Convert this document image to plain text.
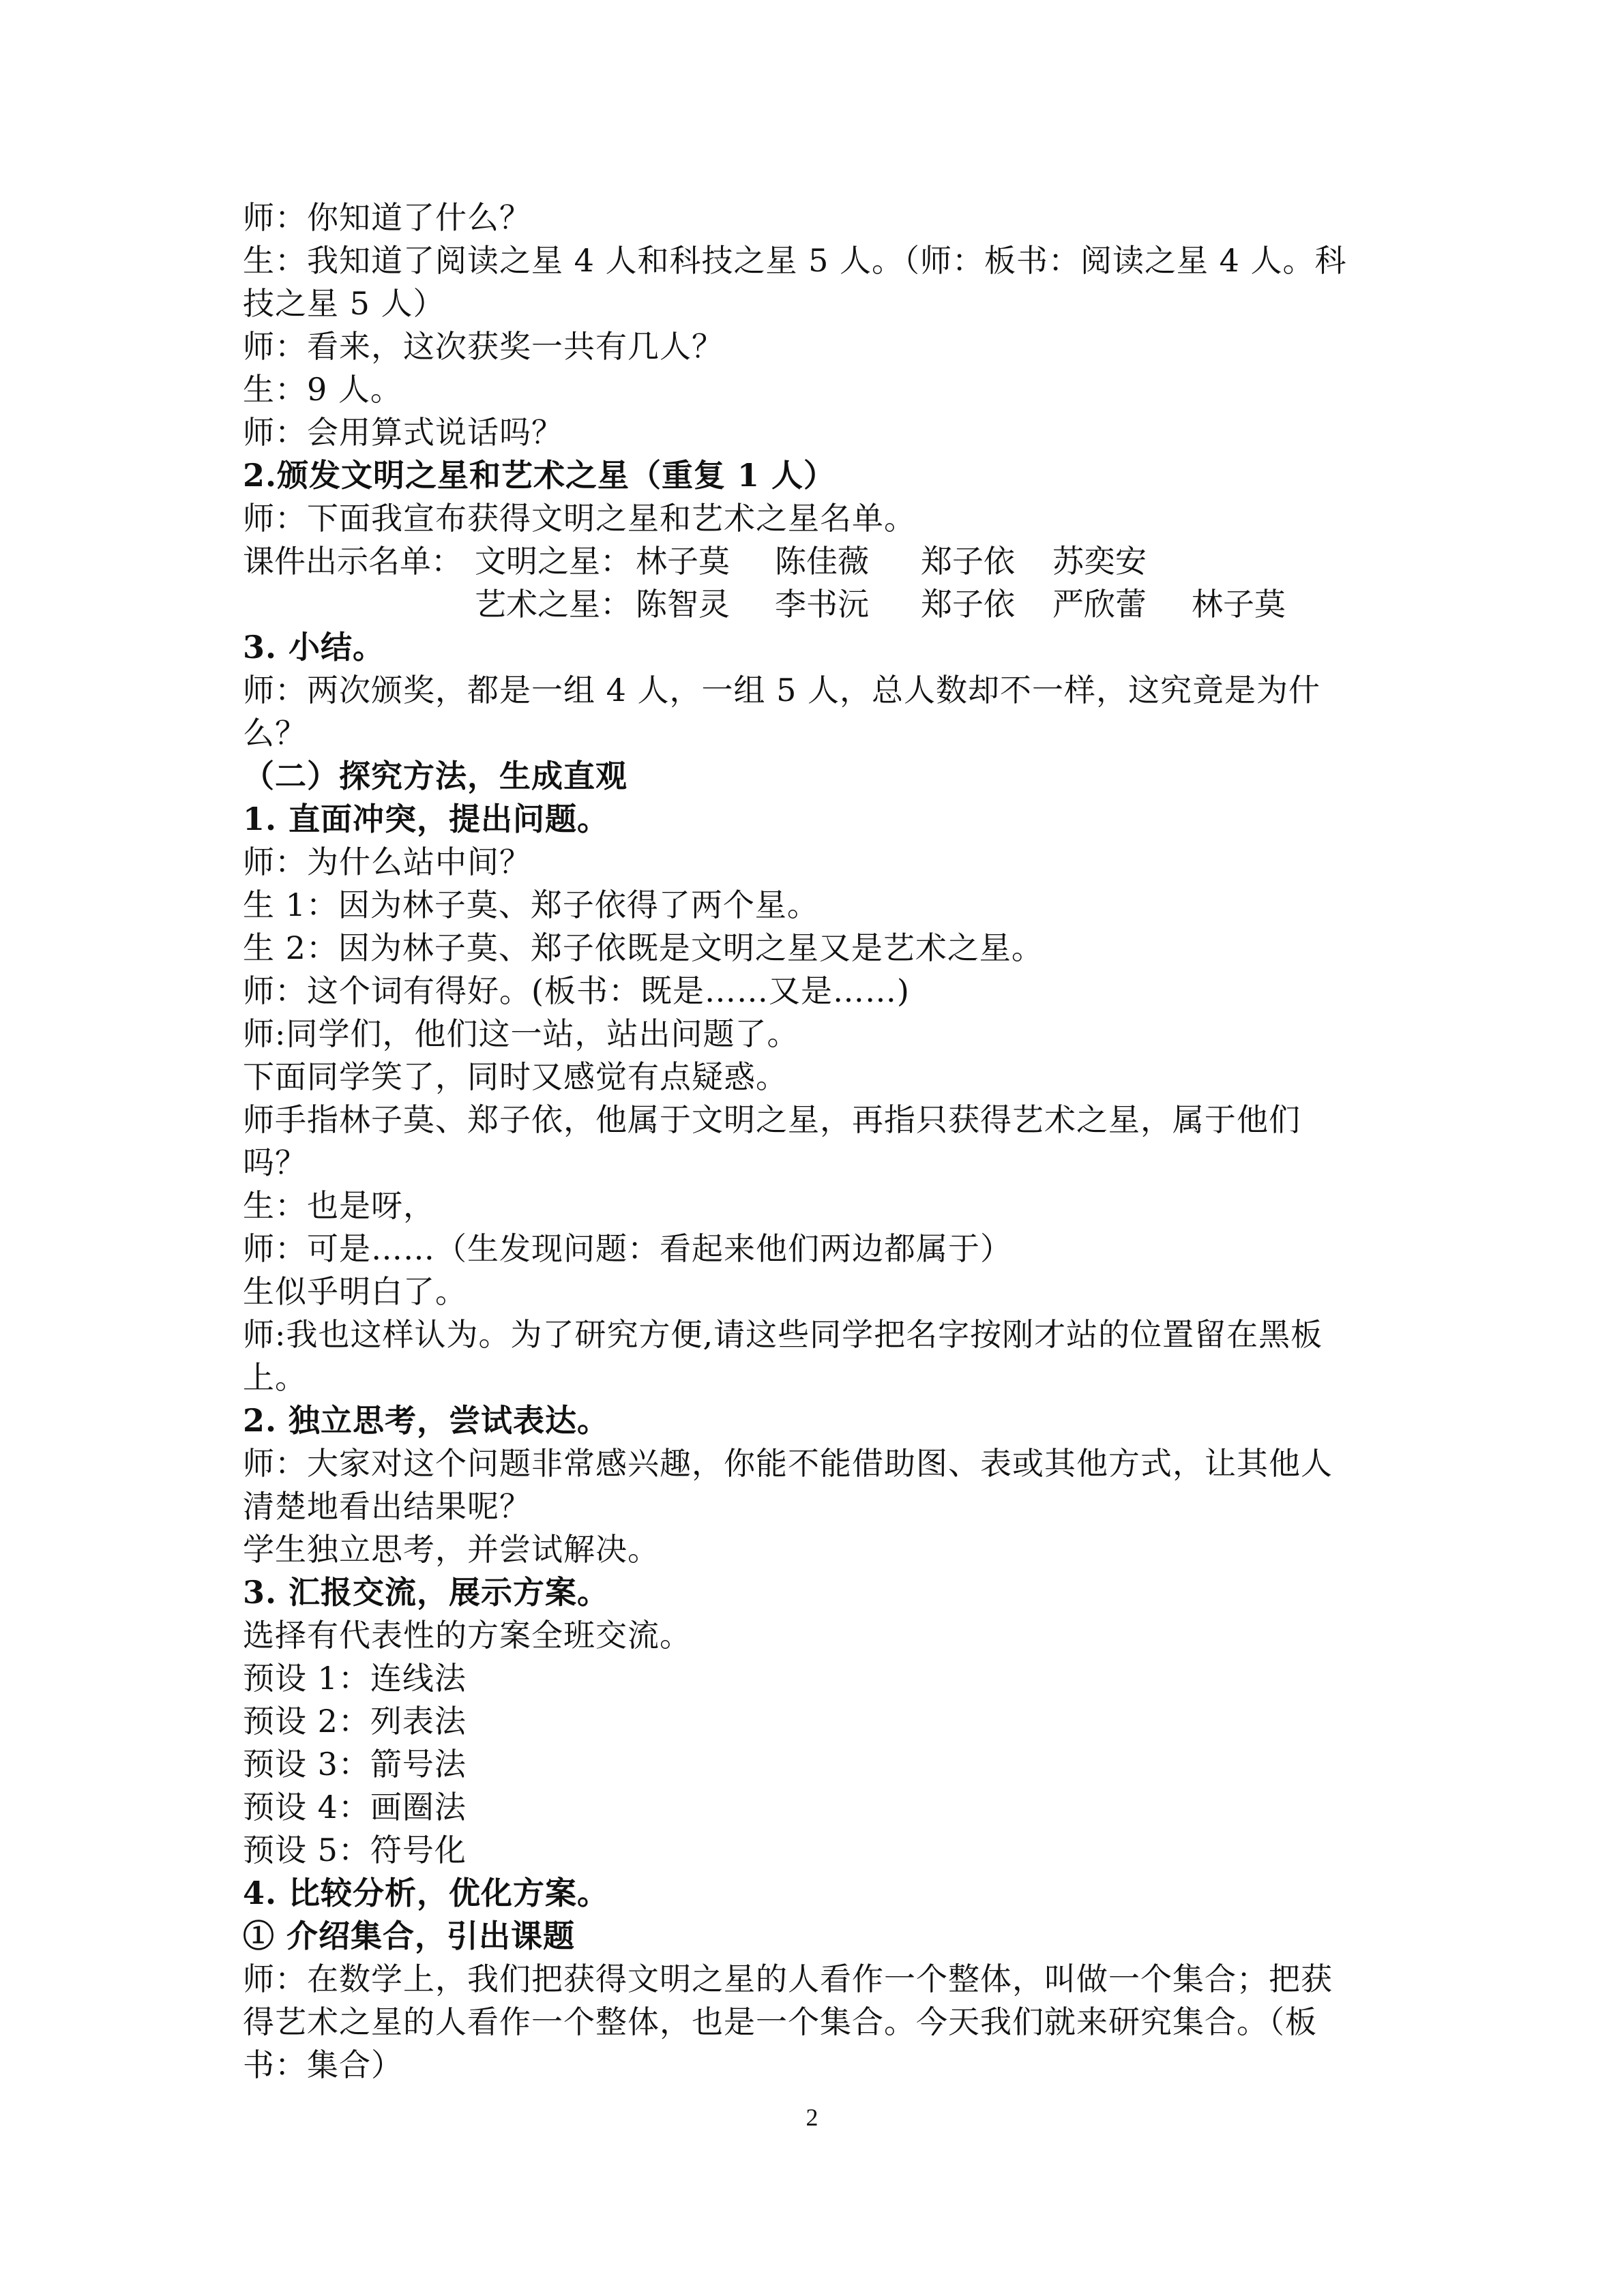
师：你知道了什么？
生：我知道了阅读之星 4 人和科技之星 5 人。（师：板书：阅读之星 4 人。科
技之星 5 人）
师：看来，这次获奖一共有几人？
生：9 人。
师：会用算式说话吗？
2.颁发文明之星和艺术之星（重复 1 人）
师：下面我宣布获得文明之星和艺术之星名单。
课件出示名单： 文明之星： 林子莫 陈佳薇 郑子依 苏奕安
艺术之星： 陈智灵 李书沅 郑子依 严欣蕾 林子莫
3. 小结。
师：两次颁奖，都是一组 4 人，一组 5 人，总人数却不一样，这究竟是为什
么？
（二）探究方法，生成直观
1. 直面冲突，提出问题。
师：为什么站中间？
生 1：因为林子莫、郑子依得了两个星。
生 2：因为林子莫、郑子依既是文明之星又是艺术之星。
师：这个词有得好。(板书：既是……又是……)
师:同学们，他们这一站，站出问题了。
下面同学笑了，同时又感觉有点疑惑。
师手指林子莫、郑子依，他属于文明之星，再指只获得艺术之星，属于他们
吗？
生：也是呀，
师：可是……（生发现问题：看起来他们两边都属于）
生似乎明白了。
师:我也这样认为。为了研究方便,请这些同学把名字按刚才站的位置留在黑板
上。
2. 独立思考，尝试表达。
师：大家对这个问题非常感兴趣，你能不能借助图、表或其他方式，让其他人
清楚地看出结果呢？
学生独立思考，并尝试解决。
3. 汇报交流，展示方案。
选择有代表性的方案全班交流。
预设 1：连线法
预设 2：列表法
预设 3：箭号法
预设 4：画圈法
预设 5：符号化
4. 比较分析，优化方案。
① 介绍集合，引出课题
师：在数学上，我们把获得文明之星的人看作一个整体，叫做一个集合；把获
得艺术之星的人看作一个整体，也是一个集合。今天我们就来研究集合。（板
书：集合）
2
